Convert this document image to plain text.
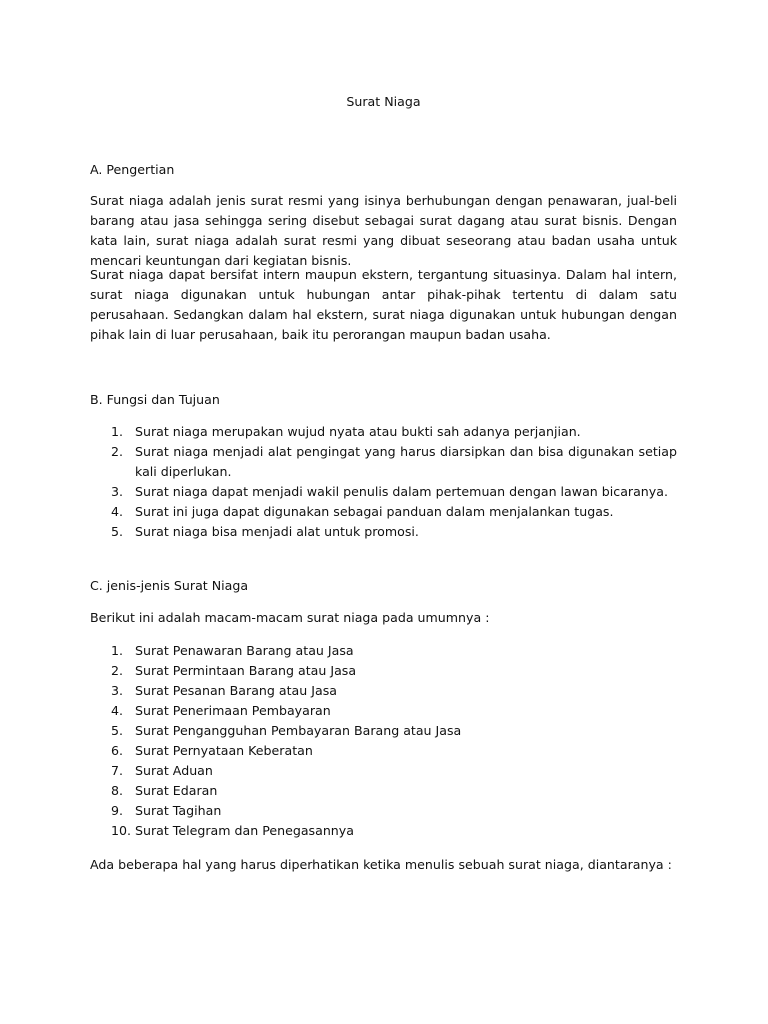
Surat Niaga
A. Pengertian

Surat niaga adalah jenis surat resmi yang isinya berhubungan dengan penawaran, jual-beli barang atau jasa sehingga sering disebut sebagai surat dagang atau surat bisnis. Dengan kata lain, surat niaga adalah surat resmi yang dibuat seseorang atau badan usaha untuk mencari keuntungan dari kegiatan bisnis.

Surat niaga dapat bersifat intern maupun ekstern, tergantung situasinya. Dalam hal intern, surat niaga digunakan untuk hubungan antar pihak-pihak tertentu di dalam satu perusahaan. Sedangkan dalam hal ekstern, surat niaga digunakan untuk hubungan dengan pihak lain di luar perusahaan, baik itu perorangan maupun badan usaha.

B. Fungsi dan Tujuan
1. Surat niaga merupakan wujud nyata atau bukti sah adanya perjanjian.
2. Surat niaga menjadi alat pengingat yang harus diarsipkan dan bisa digunakan setiap kali diperlukan.
3. Surat niaga dapat menjadi wakil penulis dalam pertemuan dengan lawan bicaranya.
4. Surat ini juga dapat digunakan sebagai panduan dalam menjalankan tugas.
5. Surat niaga bisa menjadi alat untuk promosi.
C. jenis-jenis Surat Niaga

Berikut ini adalah macam-macam surat niaga pada umumnya :

1. Surat Penawaran Barang atau Jasa
2. Surat Permintaan Barang atau Jasa
3. Surat Pesanan Barang atau Jasa
4. Surat Penerimaan Pembayaran
5. Surat Pengangguhan Pembayaran Barang atau Jasa
6. Surat Pernyataan Keberatan
7. Surat Aduan
8. Surat Edaran
9. Surat Tagihan
10. Surat Telegram dan Penegasannya

Ada beberapa hal yang harus diperhatikan ketika menulis sebuah surat niaga, diantaranya :
